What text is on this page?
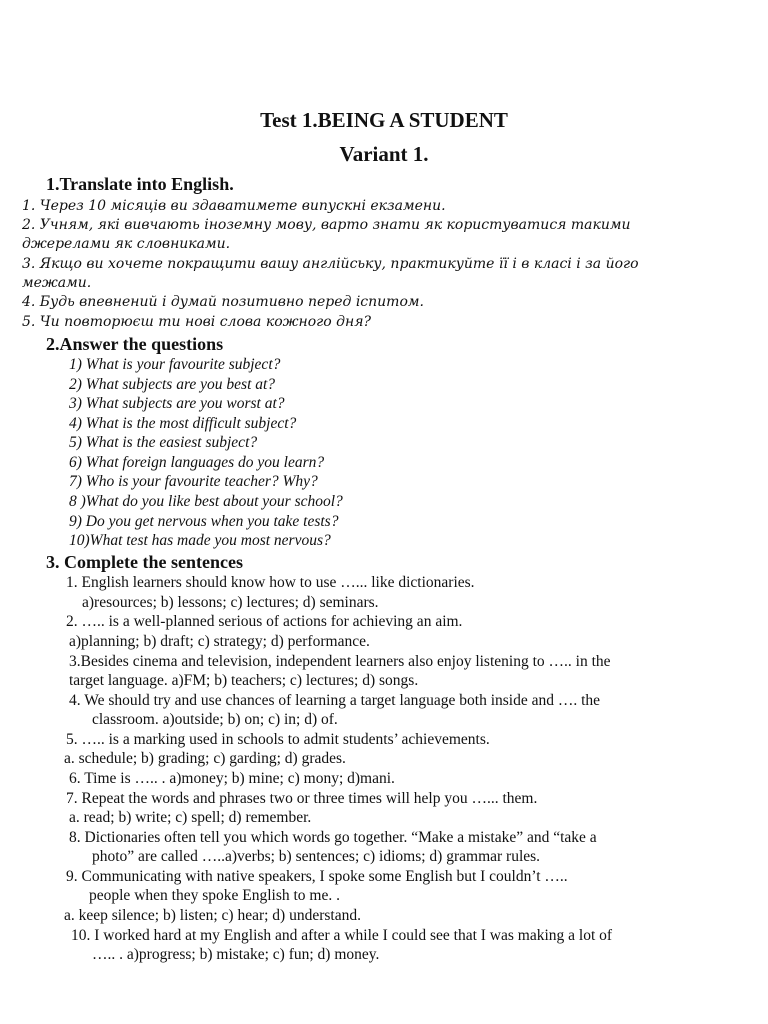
Test 1.BEING A STUDENT
Variant 1.
1.Translate into English.
1. Через 10 місяців ви здаватимете випускні екзамени.
2. Учням, які вивчають іноземну мову, варто знати як користуватися такими
джерелами як словниками.
3. Якщо ви хочете покращити вашу англійську, практикуйте її і в класі і за його
межами.
4. Будь впевнений і думай позитивно перед іспитом.
5. Чи повторюєш ти нові слова кожного дня?
2.Answer the questions
1) What is your favourite subject?
2) What subjects are you best at?
3) What subjects are you worst at?
4) What is the most difficult subject?
5) What is the easiest subject?
6) What foreign languages do you learn?
7) Who is your favourite teacher? Why?
8 )What do you like best about your school?
9) Do you get nervous when you take tests?
10)What test has made you most nervous?
3. Complete the sentences
1. English learners should know how to use …... like dictionaries.
a)resources; b) lessons; c) lectures; d) seminars.
2. ….. is a well-planned serious of actions for achieving an aim.
a)planning; b) draft; c) strategy; d) performance.
3.Besides cinema and television, independent learners also enjoy listening to ….. in the
target language. a)FM; b) teachers; c) lectures; d) songs.
4. We should try and use chances of learning a target language both inside and …. the
classroom. a)outside; b) on; c) in; d) of.
5. ….. is a marking used in schools to admit students’ achievements.
a. schedule; b) grading; c) garding; d) grades.
6. Time is ….. . a)money; b) mine; c) mony; d)mani.
7. Repeat the words and phrases two or three times will help you …... them.
a. read; b) write; c) spell; d) remember.
8. Dictionaries often tell you which words go together. “Make a mistake” and “take a
photo” are called …..a)verbs; b) sentences; c) idioms; d) grammar rules.
9. Communicating with native speakers, I spoke some English but I couldn’t …..
people when they spoke English to me. .
a. keep silence; b) listen; c) hear; d) understand.
10. I worked hard at my English and after a while I could see that I was making a lot of
….. . a)progress; b) mistake; c) fun; d) money.
